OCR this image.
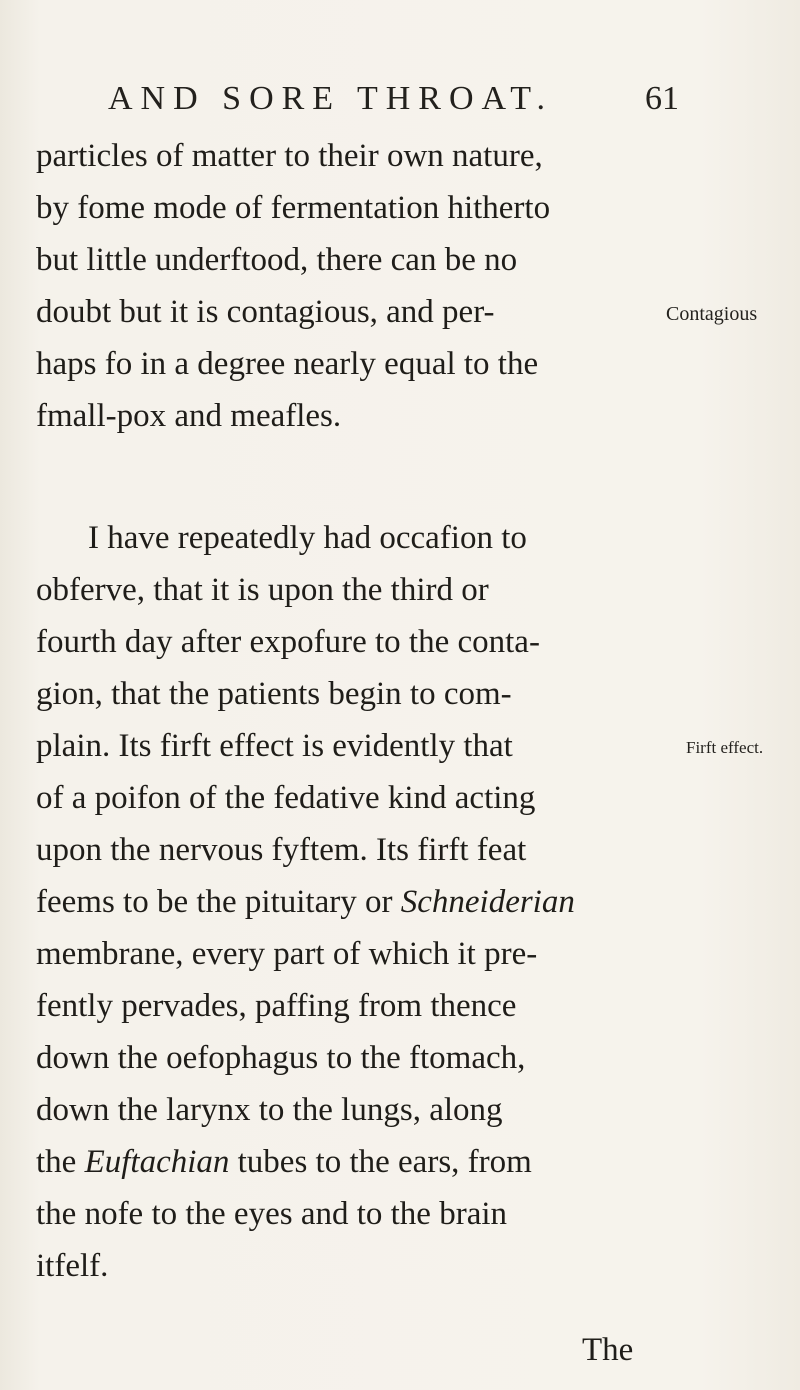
AND SORE THROAT.	61
particles of matter to their own nature,
by fome mode of fermentation hitherto
but little underftood, there can be no
doubt but it is contagious, and per-
haps fo in a degree nearly equal to the
fmall-pox and meafles.
I have repeatedly had occafion to
obferve, that it is upon the third or
fourth day after expofure to the conta-
gion, that the patients begin to com-
plain. Its firft effect is evidently that
of a poifon of the fedative kind acting
upon the nervous fyftem. Its firft feat
feems to be the pituitary or Schneiderian
membrane, every part of which it pre-
fently pervades, paffing from thence
down the oefophagus to the ftomach,
down the larynx to the lungs, along
the Euftachian tubes to the ears, from
the nofe to the eyes and to the brain
itfelf.
Contagious
Firft effect.
The
